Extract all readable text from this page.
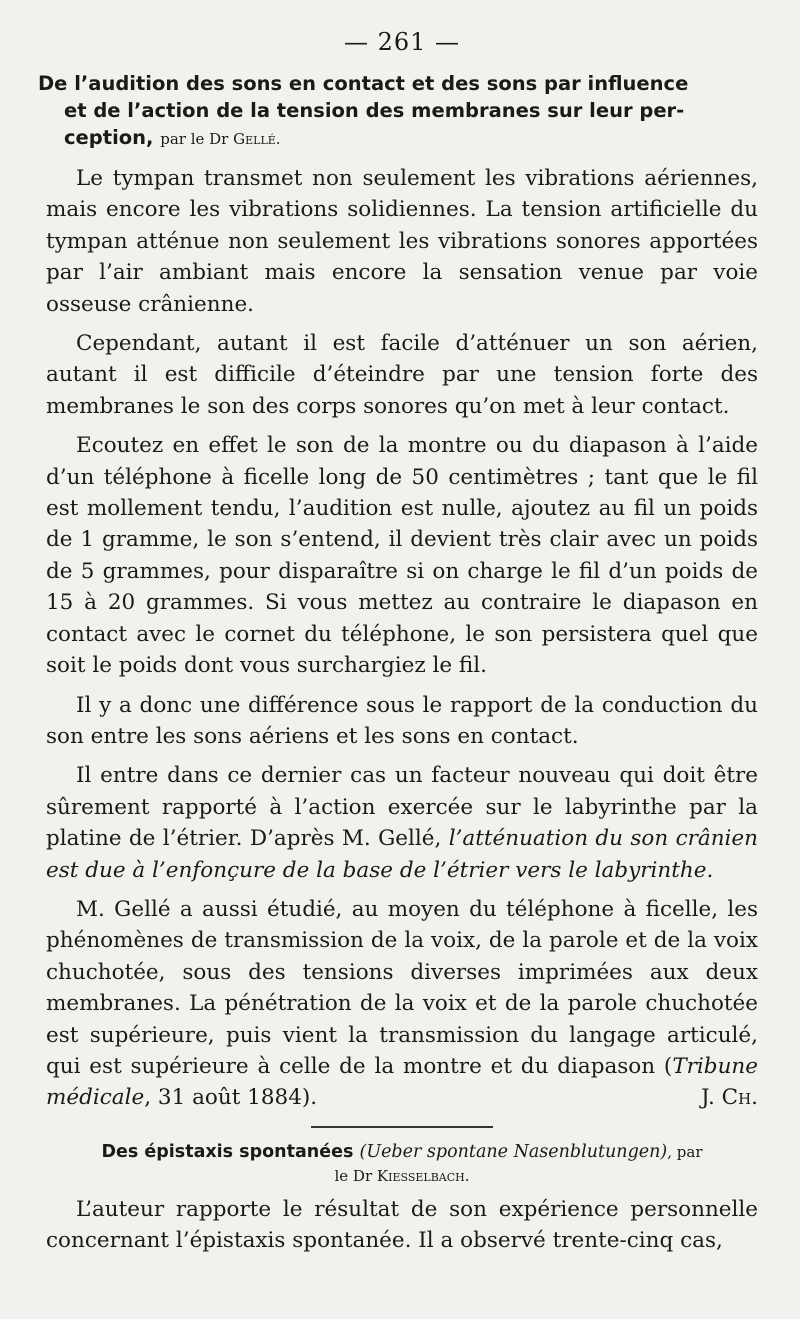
— 261 —
De l’audition des sons en contact et des sons par influence
et de l’action de la tension des membranes sur leur per-
ception, par le Dr Gellé.

Le tympan transmet non seulement les vibrations aériennes, mais encore les vibrations solidiennes. La tension artificielle du tympan atténue non seulement les vibrations sonores apportées par l’air ambiant mais encore la sensation venue par voie osseuse crânienne.

Cependant, autant il est facile d’atténuer un son aérien, autant il est difficile d’éteindre par une tension forte des membranes le son des corps sonores qu’on met à leur contact.

Ecoutez en effet le son de la montre ou du diapason à l’aide d’un téléphone à ficelle long de 50 centimètres ; tant que le fil est mollement tendu, l’audition est nulle, ajoutez au fil un poids de 1 gramme, le son s’entend, il devient très clair avec un poids de 5 grammes, pour disparaître si on charge le fil d’un poids de 15 à 20 grammes. Si vous mettez au contraire le diapason en contact avec le cornet du téléphone, le son persistera quel que soit le poids dont vous surchargiez le fil.

Il y a donc une différence sous le rapport de la conduction du son entre les sons aériens et les sons en contact.

Il entre dans ce dernier cas un facteur nouveau qui doit être sûrement rapporté à l’action exercée sur le labyrinthe par la platine de l’étrier. D’après M. Gellé, l’atténuation du son crânien est due à l’enfonçure de la base de l’étrier vers le labyrinthe.

M. Gellé a aussi étudié, au moyen du téléphone à ficelle, les phénomènes de transmission de la voix, de la parole et de la voix chuchotée, sous des tensions diverses imprimées aux deux membranes. La pénétration de la voix et de la parole chuchotée est supérieure, puis vient la transmission du langage articulé, qui est supérieure à celle de la montre et du diapason (Tribune médicale, 31 août 1884).	J. Ch.

Des épistaxis spontanées (Ueber spontane Nasenblutungen), par
le Dr Kiesselbach.

L’auteur rapporte le résultat de son expérience personnelle concernant l’épistaxis spontanée. Il a observé trente-cinq cas,
